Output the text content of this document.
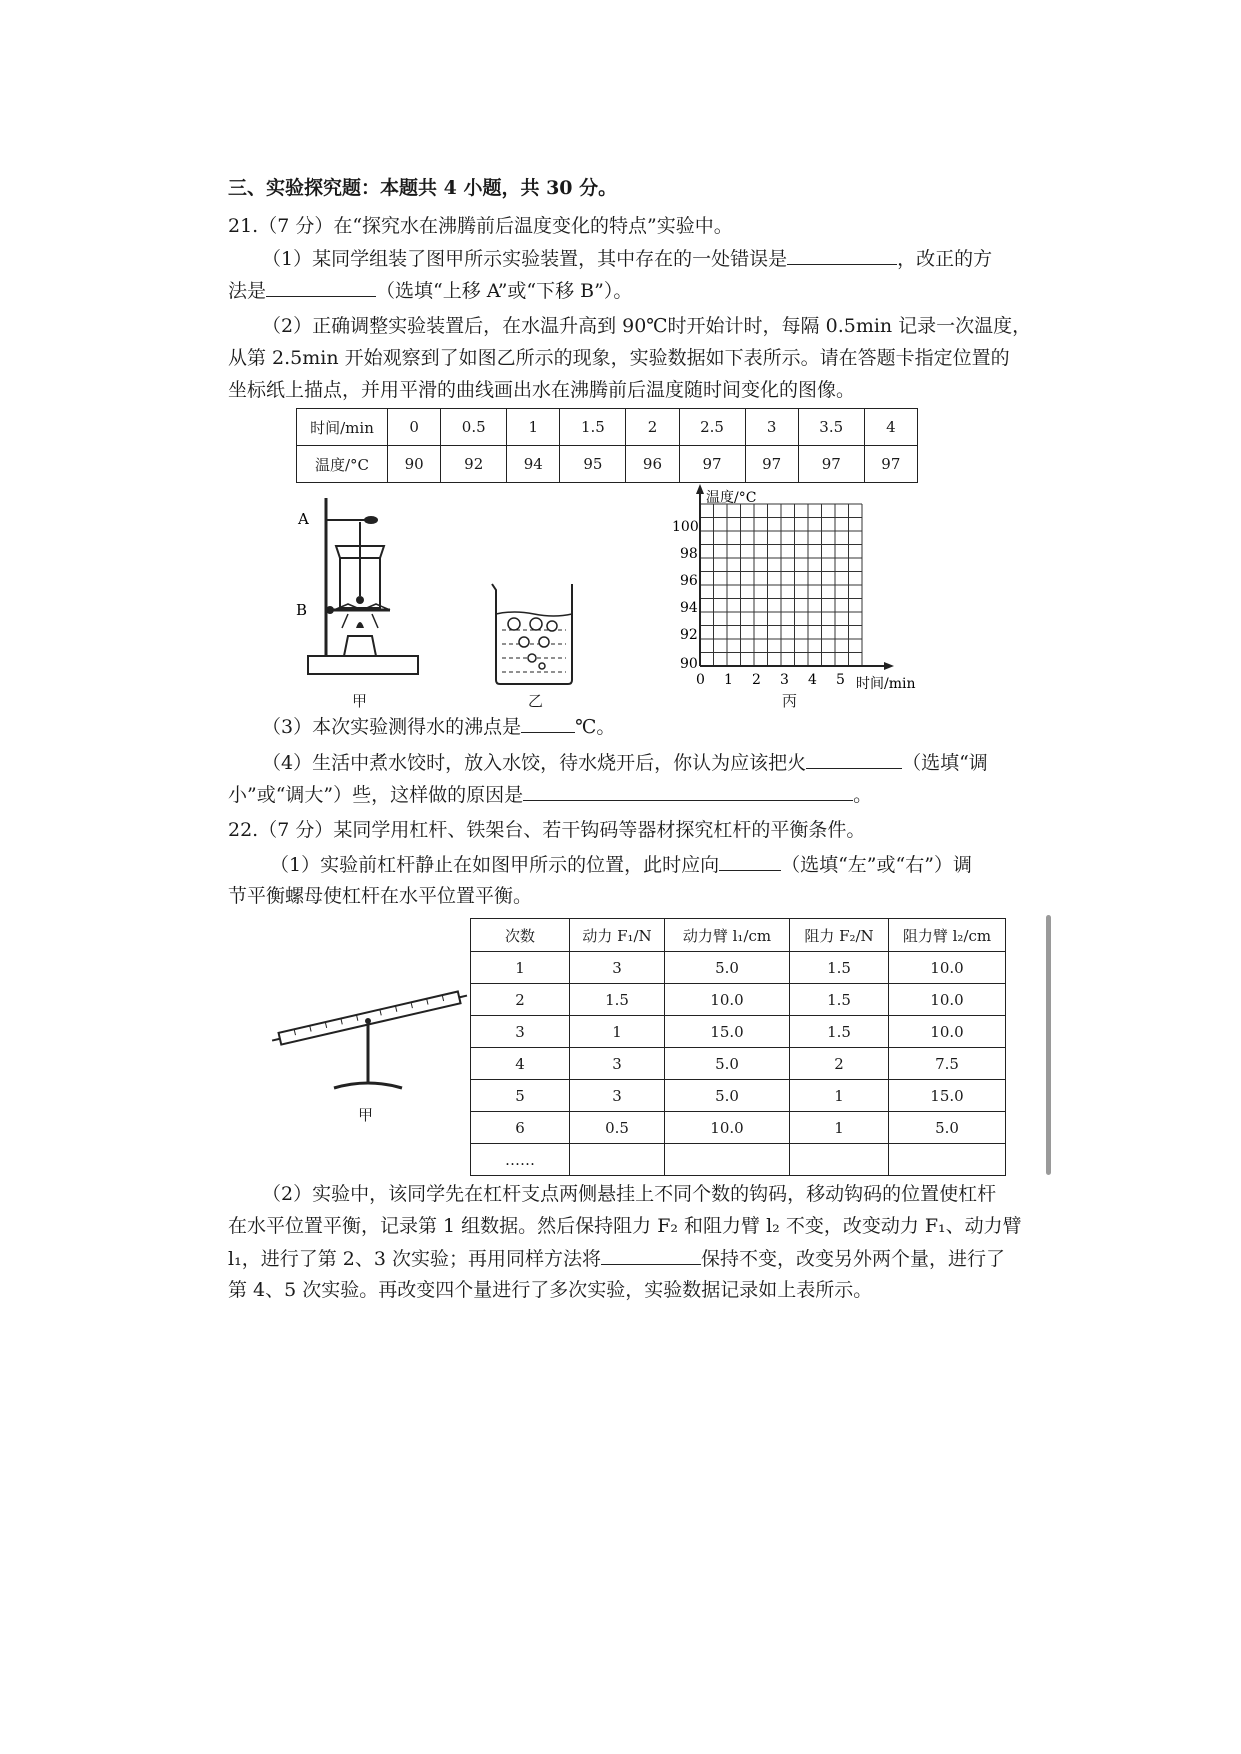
三、实验探究题：本题共 4 小题，共 30 分。
21.（7 分）在“探究水在沸腾前后温度变化的特点”实验中。
（1）某同学组装了图甲所示实验装置，其中存在的一处错误是	，改正的方
法是	（选填“上移 A”或“下移 B”）。
（2）正确调整实验装置后，在水温升高到 90℃时开始计时，每隔 0.5min 记录一次温度，
从第 2.5min 开始观察到了如图乙所示的现象，实验数据如下表所示。请在答题卡指定位置的
坐标纸上描点，并用平滑的曲线画出水在沸腾前后温度随时间变化的图像。
时间/min	0	0.5	1	1.5	2	2.5	3	3.5	4
温度/°C	90	92	94	95	96	97	97	97	97
A
B
甲	乙
温度/°C
时间/min
100
98
96
94
92
90
0 1 2 3 4 5
丙
（3）本次实验测得水的沸点是	℃。
（4）生活中煮水饺时，放入水饺，待水烧开后，你认为应该把火	（选填“调
小”或“调大”）些，这样做的原因是	。
22.（7 分）某同学用杠杆、铁架台、若干钩码等器材探究杠杆的平衡条件。
（1）实验前杠杆静止在如图甲所示的位置，此时应向	（选填“左”或“右”）调
节平衡螺母使杠杆在水平位置平衡。
甲
次数	动力 F₁/N	动力臂 l₁/cm	阻力 F₂/N	阻力臂 l₂/cm
1	3	5.0	1.5	10.0
2	1.5	10.0	1.5	10.0
3	1	15.0	1.5	10.0
4	3	5.0	2	7.5
5	3	5.0	1	15.0
6	0.5	10.0	1	5.0
……				
（2）实验中，该同学先在杠杆支点两侧悬挂上不同个数的钩码，移动钩码的位置使杠杆
在水平位置平衡，记录第 1 组数据。然后保持阻力 F₂ 和阻力臂 l₂ 不变，改变动力 F₁、动力臂
l₁，进行了第 2、3 次实验；再用同样方法将	保持不变，改变另外两个量，进行了
第 4、5 次实验。再改变四个量进行了多次实验，实验数据记录如上表所示。
